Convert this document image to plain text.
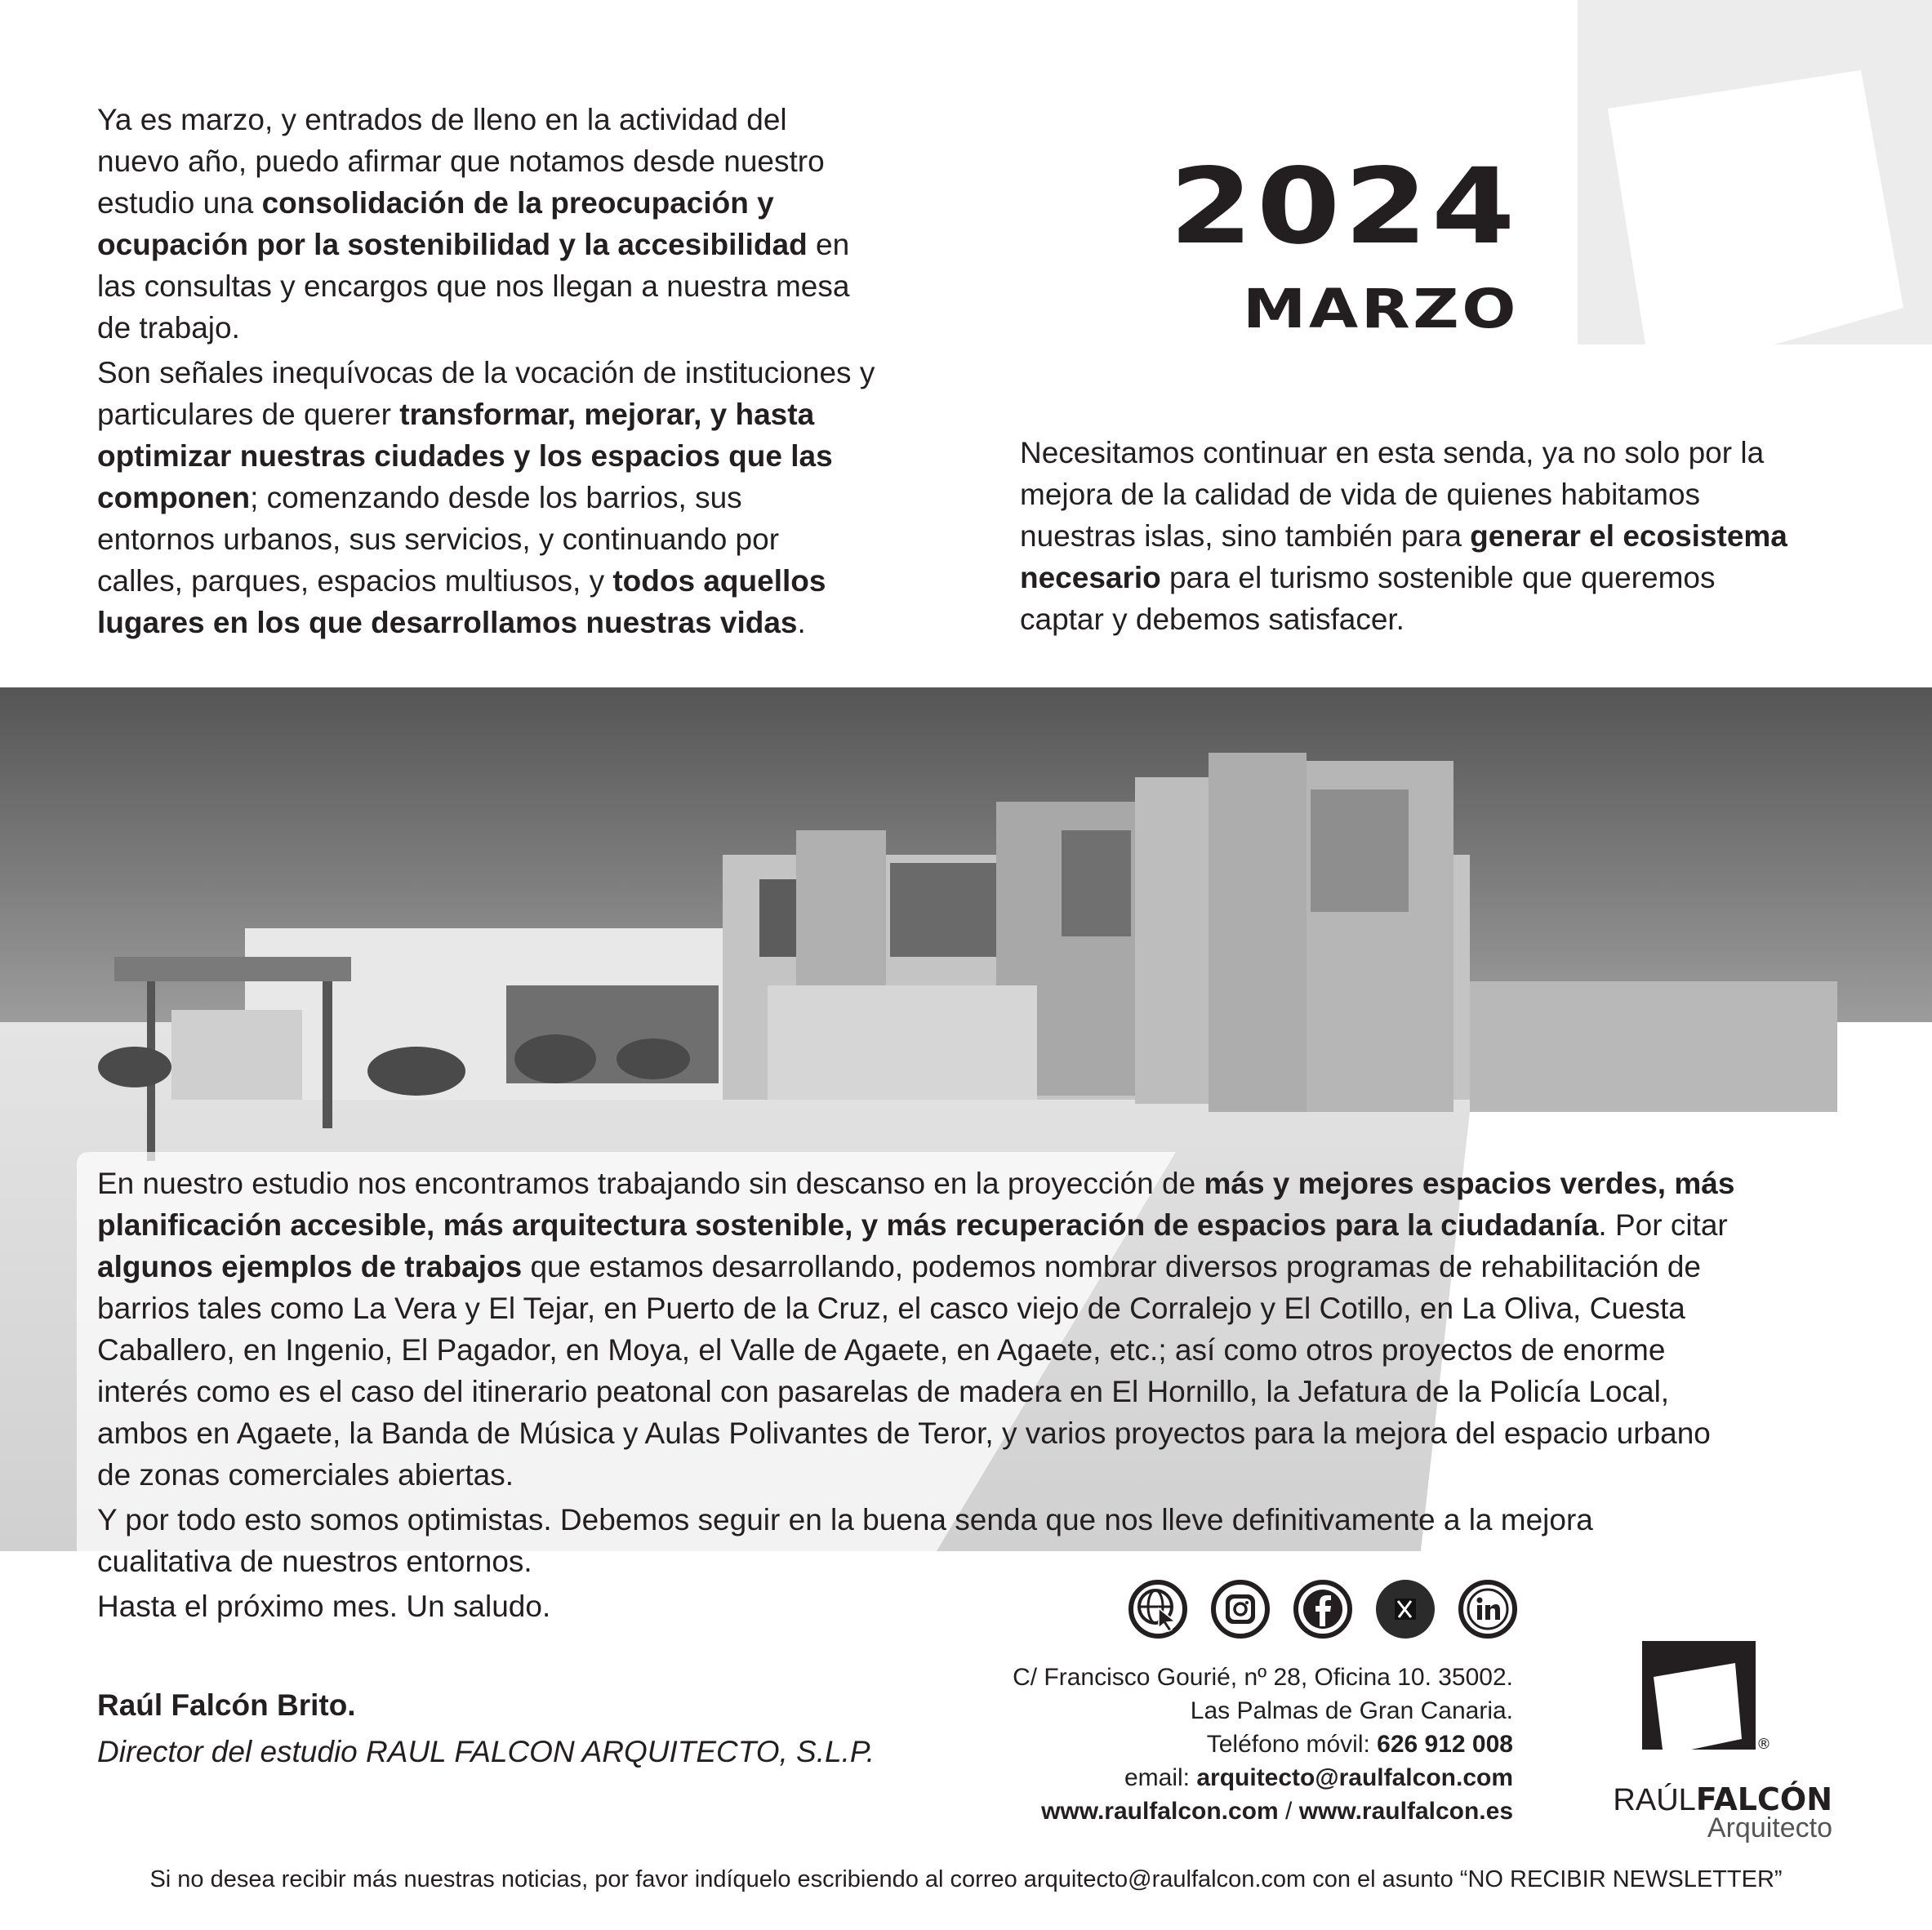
2024
MARZO
Ya es marzo, y entrados de lleno en la actividad del
nuevo año, puedo afirmar que notamos desde nuestro
estudio una consolidación de la preocupación y
ocupación por la sostenibilidad y la accesibilidad en
las consultas y encargos que nos llegan a nuestra mesa
de trabajo.
Son señales inequívocas de la vocación de instituciones y
particulares de querer transformar, mejorar, y hasta
optimizar nuestras ciudades y los espacios que las
componen; comenzando desde los barrios, sus
entornos urbanos, sus servicios, y continuando por
calles, parques, espacios multiusos, y todos aquellos
lugares en los que desarrollamos nuestras vidas.
Necesitamos continuar en esta senda, ya no solo por la
mejora de la calidad de vida de quienes habitamos
nuestras islas, sino también para generar el ecosistema
necesario para el turismo sostenible que queremos
captar y debemos satisfacer.
En nuestro estudio nos encontramos trabajando sin descanso en la proyección de más y mejores espacios verdes, más
planificación accesible, más arquitectura sostenible, y más recuperación de espacios para la ciudadanía. Por citar
algunos ejemplos de trabajos que estamos desarrollando, podemos nombrar diversos programas de rehabilitación de
barrios tales como La Vera y El Tejar, en Puerto de la Cruz, el casco viejo de Corralejo y El Cotillo, en La Oliva, Cuesta
Caballero, en Ingenio, El Pagador, en Moya, el Valle de Agaete, en Agaete, etc.; así como otros proyectos de enorme
interés como es el caso del itinerario peatonal con pasarelas de madera en El Hornillo, la Jefatura de la Policía Local,
ambos en Agaete, la Banda de Música y Aulas Polivantes de Teror, y varios proyectos para la mejora del espacio urbano
de zonas comerciales abiertas.
Y por todo esto somos optimistas. Debemos seguir en la buena senda que nos lleve definitivamente a la mejora
cualitativa de nuestros entornos.
Hasta el próximo mes. Un saludo.
Raúl Falcón Brito.
Director del estudio RAUL FALCON ARQUITECTO, S.L.P.
C/ Francisco Gourié, nº 28, Oficina 10. 35002.
Las Palmas de Gran Canaria.
Teléfono móvil: 626 912 008
email: arquitecto@raulfalcon.com
www.raulfalcon.com / www.raulfalcon.es
®
RAÚLFALCÓN
Arquitecto
Si no desea recibir más nuestras noticias, por favor indíquelo escribiendo al correo arquitecto@raulfalcon.com con el asunto “NO RECIBIR NEWSLETTER”
